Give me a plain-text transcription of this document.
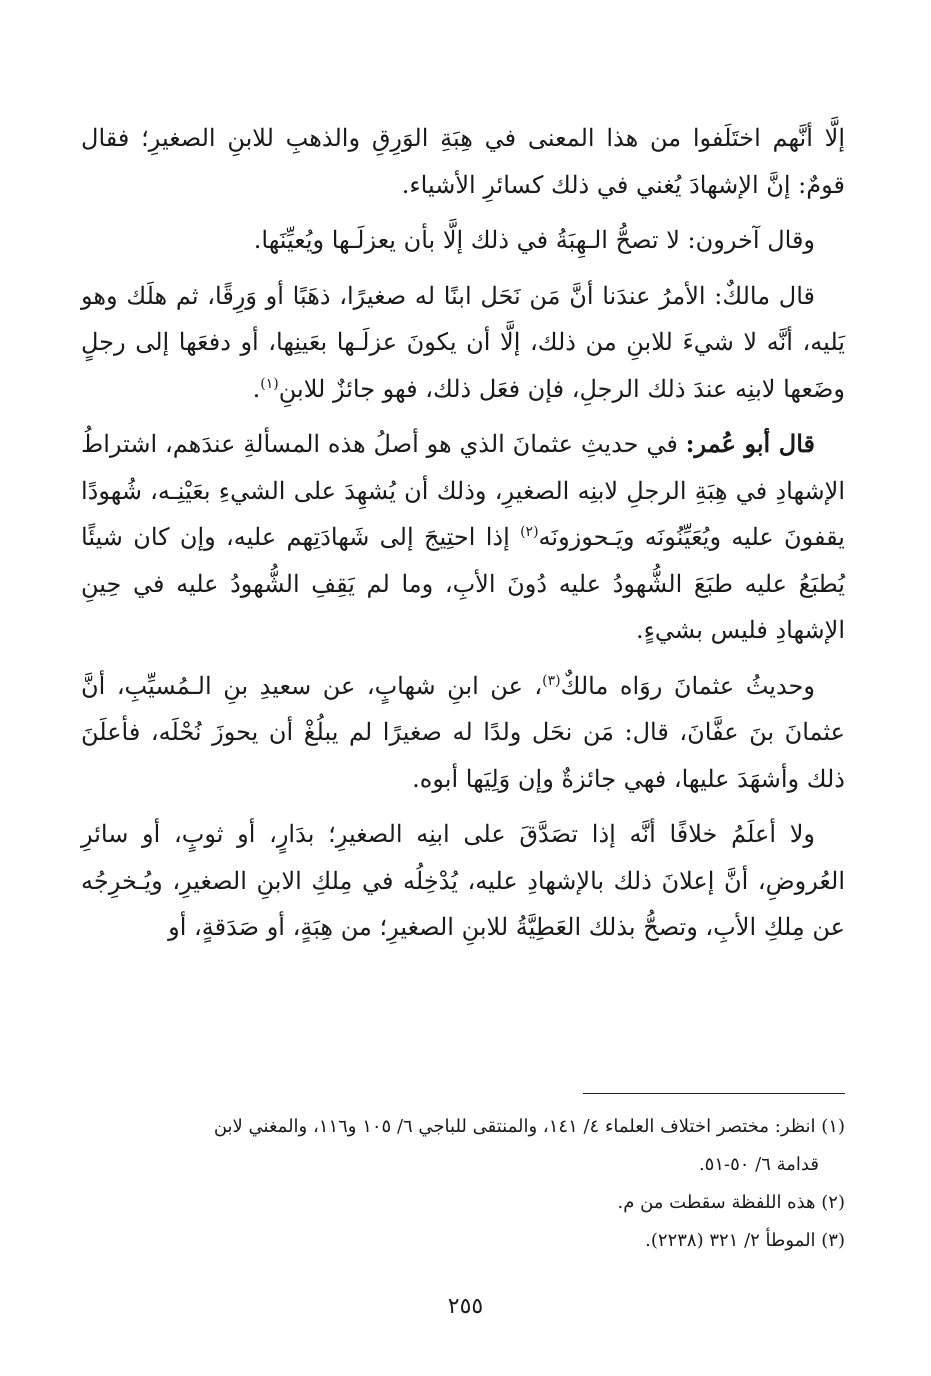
إلَّا أنَّهم اختَلَفوا من هذا المعنى في هِبَةِ الوَرِقِ والذهبِ للابنِ الصغيرِ؛ فقال قومٌ: إنَّ الإشهادَ يُغني في ذلك كسائرِ الأشياء.

وقال آخرون: لا تصحُّ الـهِبَةُ في ذلك إلَّا بأن يعزلَـها ويُعيِّنَها.

قال مالكٌ: الأمرُ عندَنا أنَّ مَن نَحَل ابنًا له صغيرًا، ذهَبًا أو وَرِقًا، ثم هلَك وهو يَليه، أنَّه لا شيءَ للابنِ من ذلك، إلَّا أن يكونَ عزلَـها بعَينِها، أو دفعَها إلى رجلٍ وضَعها لابنِه عندَ ذلك الرجلِ، فإن فعَل ذلك، فهو جائزٌ للابنِ$^{(١)}$.

قال أبو عُمر: في حديثِ عثمانَ الذي هو أصلُ هذه المسألةِ عندَهم، اشتراطُ الإشهادِ في هِبَةِ الرجلِ لابنِه الصغيرِ، وذلك أن يُشهِدَ على الشيءِ بعَيْنِـه، شُهودًا يقفونَ عليه ويُعَيِّنُونَه ويَـحوزونَه$^{(٢)}$ إذا احتِيجَ إلى شَهادَتِهم عليه، وإن كان شيئًا يُطبَعُ عليه طبَعَ الشُّهودُ عليه دُونَ الأبِ، وما لم يَقِفِ الشُّهودُ عليه في حِينِ الإشهادِ فليس بشيءٍ.

وحديثُ عثمانَ روَاه مالكٌ$^{(٣)}$، عن ابنِ شهابٍ، عن سعيدِ بنِ الـمُسيِّبِ، أنَّ عثمانَ بنَ عفَّانَ، قال: مَن نحَل ولدًا له صغيرًا لم يبلُغْ أن يحوزَ نُحْلَه، فأعلَنَ ذلك وأشهَدَ عليها، فهي جائزةٌ وإن وَلِيَها أبوه.

ولا أعلَمُ خلافًا أنَّه إذا تصَدَّقَ على ابنِه الصغيرِ؛ بدَارٍ، أو ثوبٍ، أو سائرِ العُروضِ، أنَّ إعلانَ ذلك بالإشهادِ عليه، يُدْخِلُه في مِلكِ الابنِ الصغيرِ، ويُـخرِجُه عن مِلكِ الأبِ، وتصحُّ بذلك العَطِيَّةُ للابنِ الصغيرِ؛ من هِبَةٍ، أو صَدَقةٍ، أو

(١) انظر: مختصر اختلاف العلماء ٤/ ١٤١، والمنتقى للباجي ٦/ ١٠٥ و١١٦، والمغني لابن

قدامة ٦/ ٥٠-٥١.

(٢) هذه اللفظة سقطت من م.

(٣) الموطأ ٢/ ٣٢١ (٢٢٣٨).

٢٥٥
